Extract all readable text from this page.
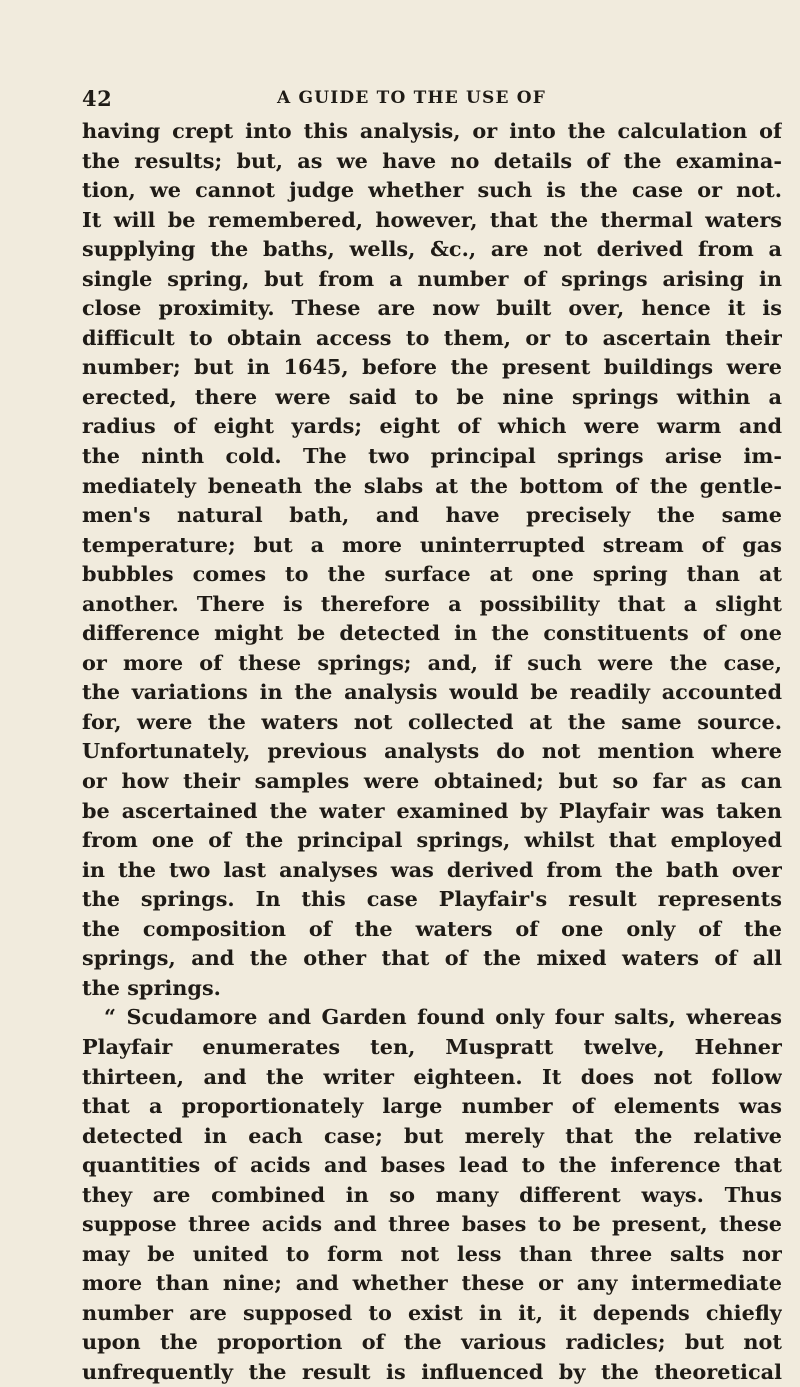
42	A GUIDE TO THE USE OF
having crept into this analysis, or into the calculation of
the results; but, as we have no details of the examina-
tion, we cannot judge whether such is the case or not.
It will be remembered, however, that the thermal waters
supplying the baths, wells, &c., are not derived from a
single spring, but from a number of springs arising in
close proximity. These are now built over, hence it is
difficult to obtain access to them, or to ascertain their
number; but in 1645, before the present buildings were
erected, there were said to be nine springs within a
radius of eight yards; eight of which were warm and
the ninth cold. The two principal springs arise im-
mediately beneath the slabs at the bottom of the gentle-
men's natural bath, and have precisely the same
temperature; but a more uninterrupted stream of gas
bubbles comes to the surface at one spring than at
another. There is therefore a possibility that a slight
difference might be detected in the constituents of one
or more of these springs; and, if such were the case,
the variations in the analysis would be readily accounted
for, were the waters not collected at the same source.
Unfortunately, previous analysts do not mention where
or how their samples were obtained; but so far as can
be ascertained the water examined by Playfair was taken
from one of the principal springs, whilst that employed
in the two last analyses was derived from the bath over
the springs. In this case Playfair's result represents
the composition of the waters of one only of the
springs, and the other that of the mixed waters of all
the springs.
“ Scudamore and Garden found only four salts, whereas
Playfair enumerates ten, Muspratt twelve, Hehner
thirteen, and the writer eighteen. It does not follow
that a proportionately large number of elements was
detected in each case; but merely that the relative
quantities of acids and bases lead to the inference that
they are combined in so many different ways. Thus
suppose three acids and three bases to be present, these
may be united to form not less than three salts nor
more than nine; and whether these or any intermediate
number are supposed to exist in it, it depends chiefly
upon the proportion of the various radicles; but not
unfrequently the result is influenced by the theoretical
